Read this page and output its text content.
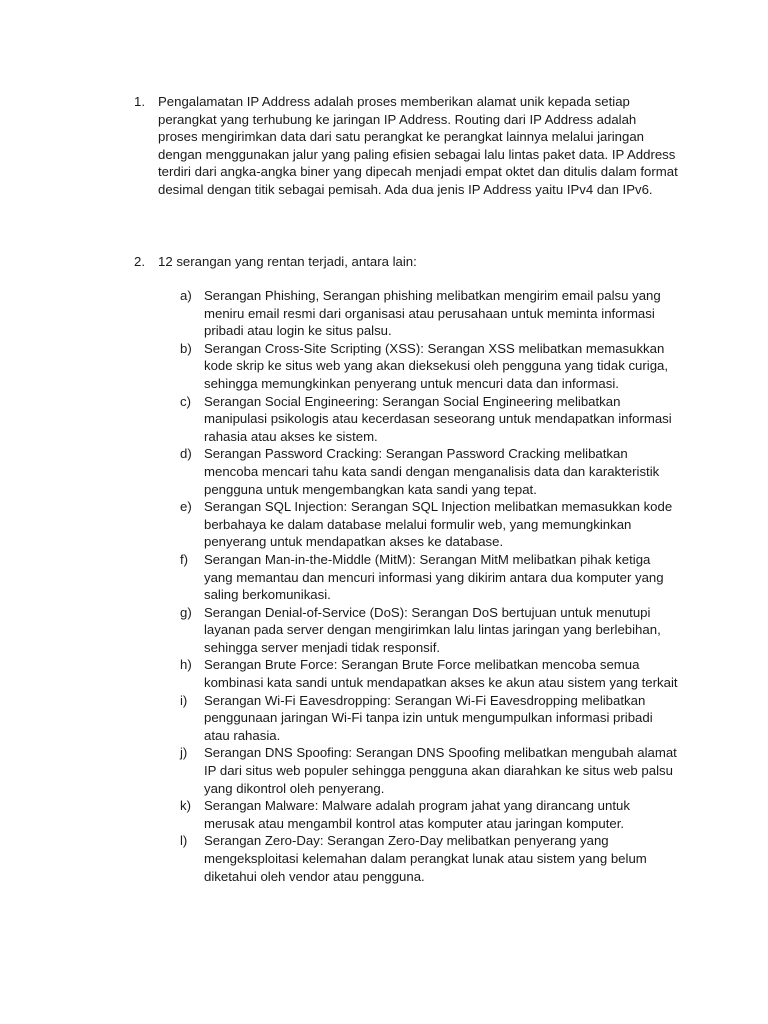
1. Pengalamatan IP Address adalah proses memberikan alamat unik kepada setiap perangkat yang terhubung ke jaringan IP Address. Routing dari IP Address adalah proses mengirimkan data dari satu perangkat ke perangkat lainnya melalui jaringan dengan menggunakan jalur yang paling efisien sebagai lalu lintas paket data. IP Address terdiri dari angka-angka biner yang dipecah menjadi empat oktet dan ditulis dalam format desimal dengan titik sebagai pemisah. Ada dua jenis IP Address yaitu IPv4 dan IPv6.
2. 12 serangan yang rentan terjadi, antara lain:
a) Serangan Phishing, Serangan phishing melibatkan mengirim email palsu yang meniru email resmi dari organisasi atau perusahaan untuk meminta informasi pribadi atau login ke situs palsu.
b) Serangan Cross-Site Scripting (XSS): Serangan XSS melibatkan memasukkan kode skrip ke situs web yang akan dieksekusi oleh pengguna yang tidak curiga, sehingga memungkinkan penyerang untuk mencuri data dan informasi.
c) Serangan Social Engineering: Serangan Social Engineering melibatkan manipulasi psikologis atau kecerdasan seseorang untuk mendapatkan informasi rahasia atau akses ke sistem.
d) Serangan Password Cracking: Serangan Password Cracking melibatkan mencoba mencari tahu kata sandi dengan menganalisis data dan karakteristik pengguna untuk mengembangkan kata sandi yang tepat.
e) Serangan SQL Injection: Serangan SQL Injection melibatkan memasukkan kode berbahaya ke dalam database melalui formulir web, yang memungkinkan penyerang untuk mendapatkan akses ke database.
f)	Serangan Man-in-the-Middle (MitM): Serangan MitM melibatkan pihak ketiga yang memantau dan mencuri informasi yang dikirim antara dua komputer yang saling berkomunikasi.
g) Serangan Denial-of-Service (DoS): Serangan DoS bertujuan untuk menutupi layanan pada server dengan mengirimkan lalu lintas jaringan yang berlebihan, sehingga server menjadi tidak responsif.
h) Serangan Brute Force: Serangan Brute Force melibatkan mencoba semua kombinasi kata sandi untuk mendapatkan akses ke akun atau sistem yang terkait
i)	Serangan Wi-Fi Eavesdropping: Serangan Wi-Fi Eavesdropping melibatkan penggunaan jaringan Wi-Fi tanpa izin untuk mengumpulkan informasi pribadi atau rahasia.
j)	Serangan DNS Spoofing: Serangan DNS Spoofing melibatkan mengubah alamat IP dari situs web populer sehingga pengguna akan diarahkan ke situs web palsu yang dikontrol oleh penyerang.
k) Serangan Malware: Malware adalah program jahat yang dirancang untuk merusak atau mengambil kontrol atas komputer atau jaringan komputer.
l)	Serangan Zero-Day: Serangan Zero-Day melibatkan penyerang yang mengeksploitasi kelemahan dalam perangkat lunak atau sistem yang belum diketahui oleh vendor atau pengguna.
